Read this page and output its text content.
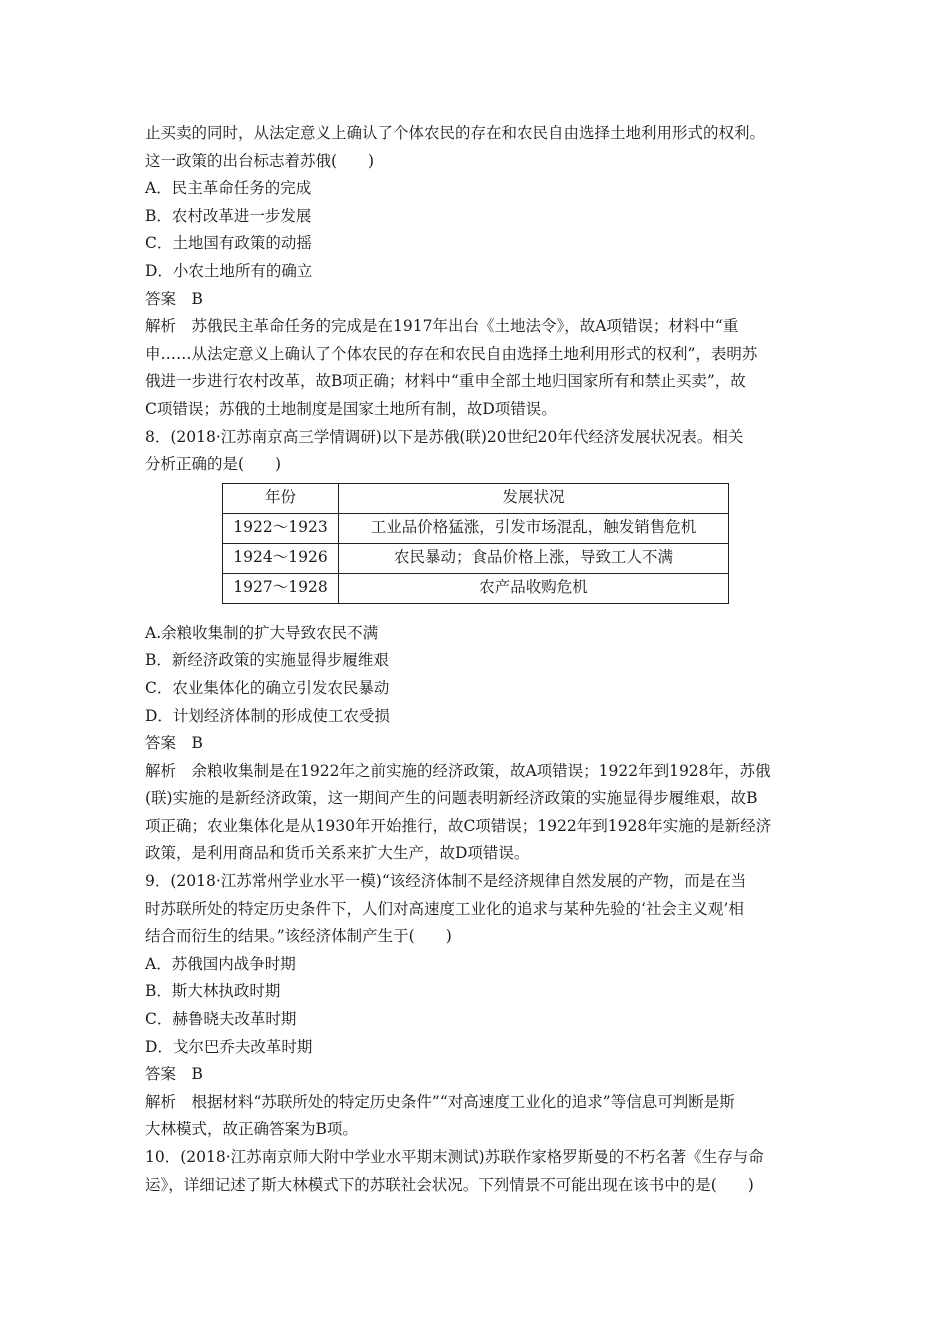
止买卖的同时，从法定意义上确认了个体农民的存在和农民自由选择土地利用形式的权利。
这一政策的出台标志着苏俄(　　)
A．民主革命任务的完成
B．农村改革进一步发展
C．土地国有政策的动摇
D．小农土地所有的确立
答案　B
解析　苏俄民主革命任务的完成是在1917年出台《土地法令》，故A项错误；材料中“重
申……从法定意义上确认了个体农民的存在和农民自由选择土地利用形式的权利”，表明苏
俄进一步进行农村改革，故B项正确；材料中“重申全部土地归国家所有和禁止买卖”，故
C项错误；苏俄的土地制度是国家土地所有制，故D项错误。
8．(2018·江苏南京高三学情调研)以下是苏俄(联)20世纪20年代经济发展状况表。相关
分析正确的是(　　)
年份	发展状况
1922～1923	工业品价格猛涨，引发市场混乱，触发销售危机
1924～1926	农民暴动；食品价格上涨，导致工人不满
1927～1928	农产品收购危机
A.余粮收集制的扩大导致农民不满
B．新经济政策的实施显得步履维艰
C．农业集体化的确立引发农民暴动
D．计划经济体制的形成使工农受损
答案　B
解析　余粮收集制是在1922年之前实施的经济政策，故A项错误；1922年到1928年，苏俄
(联)实施的是新经济政策，这一期间产生的问题表明新经济政策的实施显得步履维艰，故B
项正确；农业集体化是从1930年开始推行，故C项错误；1922年到1928年实施的是新经济
政策，是利用商品和货币关系来扩大生产，故D项错误。
9．(2018·江苏常州学业水平一模)“该经济体制不是经济规律自然发展的产物，而是在当
时苏联所处的特定历史条件下，人们对高速度工业化的追求与某种先验的‘社会主义观’相
结合而衍生的结果。”该经济体制产生于(　　)
A．苏俄国内战争时期
B．斯大林执政时期
C．赫鲁晓夫改革时期
D．戈尔巴乔夫改革时期
答案　B
解析　根据材料“苏联所处的特定历史条件”“对高速度工业化的追求”等信息可判断是斯
大林模式，故正确答案为B项。
10．(2018·江苏南京师大附中学业水平期末测试)苏联作家格罗斯曼的不朽名著《生存与命
运》，详细记述了斯大林模式下的苏联社会状况。下列情景不可能出现在该书中的是(　　)
